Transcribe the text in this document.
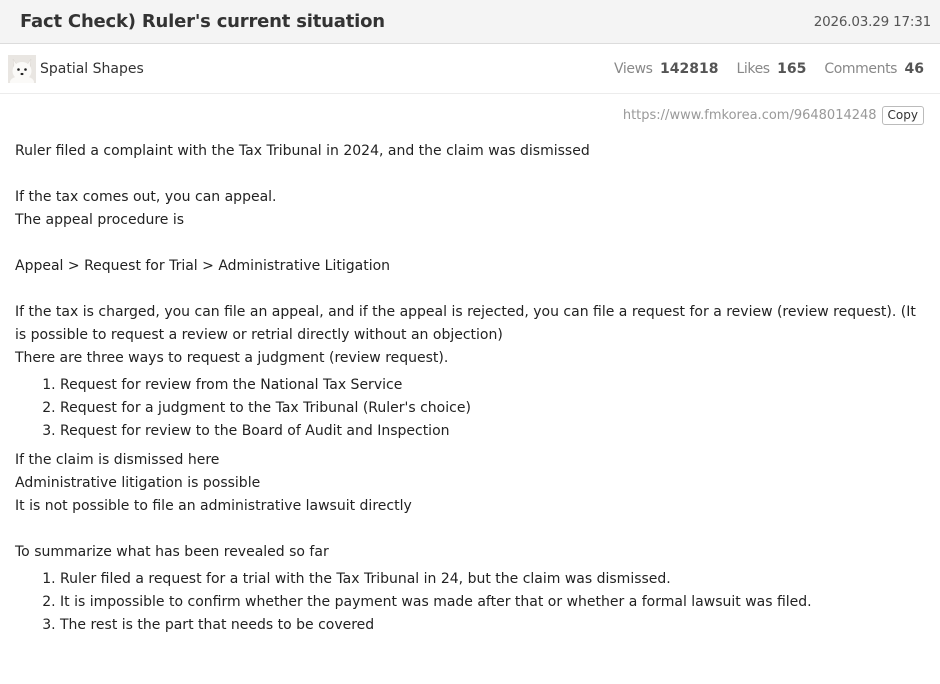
Fact Check) Ruler's current situation	2026.03.29 17:31
Spatial Shapes	Views 142818 Likes 165 Comments 46
https://www.fmkorea.com/9648014248 Copy

Ruler filed a complaint with the Tax Tribunal in 2024, and the claim was dismissed

If the tax comes out, you can appeal.

The appeal procedure is

Appeal > Request for Trial > Administrative Litigation

If the tax is charged, you can file an appeal, and if the appeal is rejected, you can file a request for a review (review request). (It is possible to request a review or retrial directly without an objection)

There are three ways to request a judgment (review request).

1. Request for review from the National Tax Service
2. Request for a judgment to the Tax Tribunal (Ruler's choice)
3. Request for review to the Board of Audit and Inspection

If the claim is dismissed here

Administrative litigation is possible

It is not possible to file an administrative lawsuit directly

To summarize what has been revealed so far

1. Ruler filed a request for a trial with the Tax Tribunal in 24, but the claim was dismissed.
2. It is impossible to confirm whether the payment was made after that or whether a formal lawsuit was filed.
3. The rest is the part that needs to be covered
